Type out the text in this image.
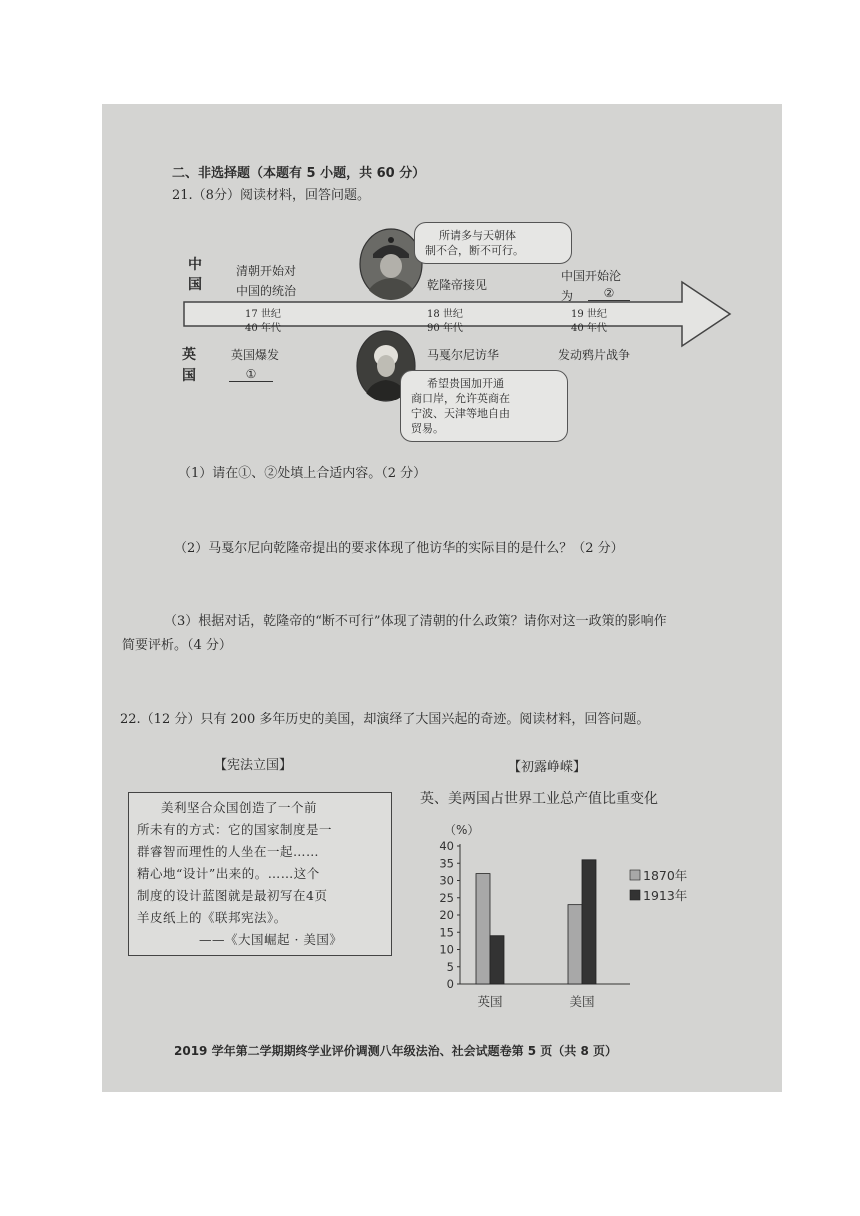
二、非选择题（本题有 5 小题，共 60 分）
21.（8分）阅读材料，回答问题。
中
国
英
国
清朝开始对
中国的统治	乾隆帝接见
中国开始沦
为	②
17 世纪
40 年代
18 世纪
90 年代
19 世纪
40 年代
英国爆发
①
马戛尔尼访华	发动鸦片战争
所请多与天朝体
制不合，断不可行。
希望贵国加开通
商口岸，允许英商在
宁波、天津等地自由
贸易。
（1）请在①、②处填上合适内容。（2 分）
（2）马戛尔尼向乾隆帝提出的要求体现了他访华的实际目的是什么？（2 分）
（3）根据对话，乾隆帝的“断不可行”体现了清朝的什么政策？请你对这一政策的影响作
简要评析。（4 分）
22.（12 分）只有 200 多年历史的美国，却演绎了大国兴起的奇迹。阅读材料，回答问题。
【宪法立国】	【初露峥嵘】
美利坚合众国创造了一个前
所未有的方式：它的国家制度是一
群睿智而理性的人坐在一起……
精心地“设计”出来的。……这个
制度的设计蓝图就是最初写在4页
羊皮纸上的《联邦宪法》。
——《大国崛起 · 美国》
英、美两国占世界工业总产值比重变化
（%）
0
5
10
15
20
25
30
35
40
英国	美国
1870年
1913年
2019 学年第二学期期终学业评价调测八年级法治、社会试题卷第 5 页（共 8 页）
